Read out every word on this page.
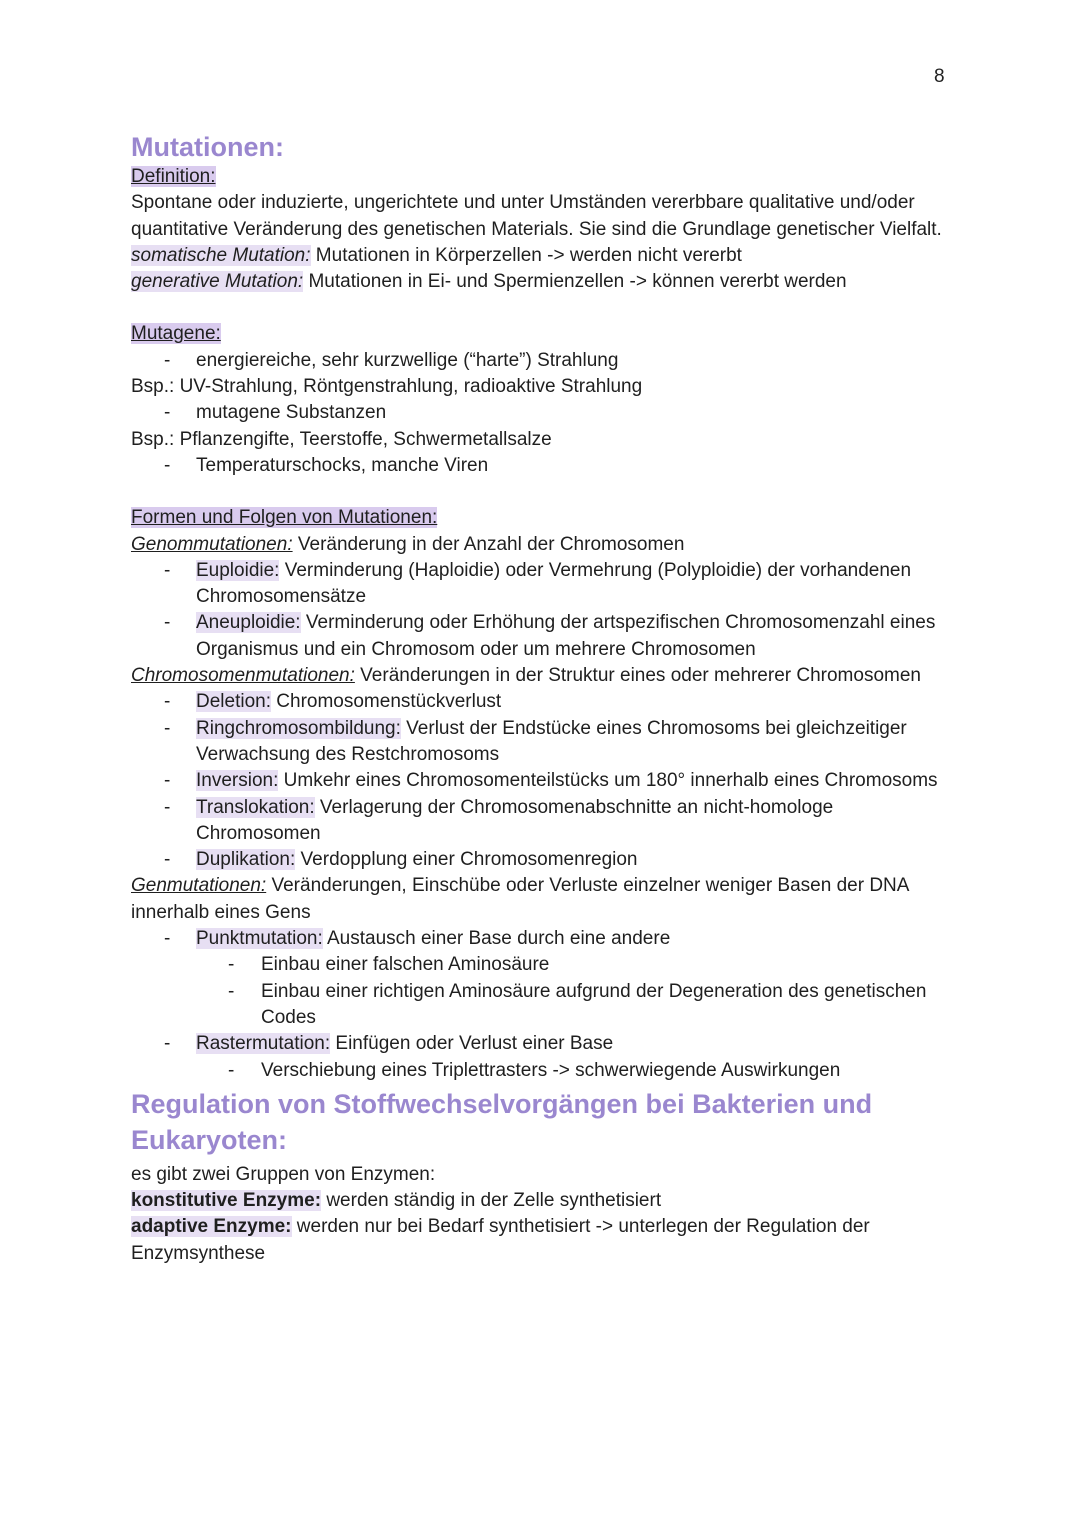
8
Mutationen:

Definition:

Spontane oder induzierte, ungerichtete und unter Umständen vererbbare qualitative und/oder quantitative Veränderung des genetischen Materials. Sie sind die Grundlage genetischer Vielfalt.

somatische Mutation: Mutationen in Körperzellen -> werden nicht vererbt

generative Mutation: Mutationen in Ei- und Spermienzellen -> können vererbt werden

Mutagene:

- energiereiche, sehr kurzwellige (“harte”) Strahlung

Bsp.: UV-Strahlung, Röntgenstrahlung, radioaktive Strahlung

- mutagene Substanzen

Bsp.: Pflanzengifte, Teerstoffe, Schwermetallsalze

- Temperaturschocks, manche Viren

Formen und Folgen von Mutationen:

Genommutationen: Veränderung in der Anzahl der Chromosomen

- Euploidie: Verminderung (Haploidie) oder Vermehrung (Polyploidie) der vorhandenen Chromosomensätze
- Aneuploidie: Verminderung oder Erhöhung der artspezifischen Chromosomenzahl eines Organismus und ein Chromosom oder um mehrere Chromosomen

Chromosomenmutationen: Veränderungen in der Struktur eines oder mehrerer Chromosomen

- Deletion: Chromosomenstückverlust
- Ringchromosombildung: Verlust der Endstücke eines Chromosoms bei gleichzeitiger Verwachsung des Restchromosoms
- Inversion: Umkehr eines Chromosomenteilstücks um 180° innerhalb eines Chromosoms
- Translokation: Verlagerung der Chromosomenabschnitte an nicht-homologe Chromosomen
- Duplikation: Verdopplung einer Chromosomenregion

Genmutationen: Veränderungen, Einschübe oder Verluste einzelner weniger Basen der DNA innerhalb eines Gens

- Punktmutation: Austausch einer Base durch eine andere
- Einbau einer falschen Aminosäure
- Einbau einer richtigen Aminosäure aufgrund der Degeneration des genetischen Codes
- Rastermutation: Einfügen oder Verlust einer Base
- Verschiebung eines Triplettrasters -> schwerwiegende Auswirkungen
Regulation von Stoffwechselvorgängen bei Bakterien und Eukaryoten:

es gibt zwei Gruppen von Enzymen:

konstitutive Enzyme: werden ständig in der Zelle synthetisiert

adaptive Enzyme: werden nur bei Bedarf synthetisiert -> unterlegen der Regulation der Enzymsynthese
